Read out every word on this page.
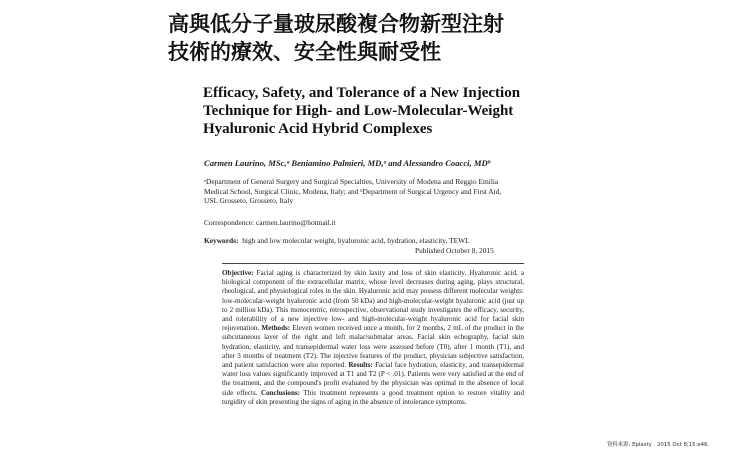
高與低分子量玻尿酸複合物新型注射
技術的療效、安全性與耐受性
Efficacy, Safety, and Tolerance of a New Injection
Technique for High- and Low-Molecular-Weight
Hyaluronic Acid Hybrid Complexes
Carmen Laurino, MSc,ᵃ Beniamino Palmieri, MD,ᵃ and Alessandro Coacci, MDᵇ
ᵃDepartment of General Surgery and Surgical Specialties, University of Modena and Reggio Emilia
Medical School, Surgical Clinic, Modena, Italy; and ᵇDepartment of Surgical Urgency and First Aid,
USL Grosseto, Grosseto, Italy
Correspondence: carmen.laurino@hotmail.it
Keywords: high and low molecular weight, hyaluronic acid, hydration, elasticity, TEWL
Published October 8, 2015
Objective: Facial aging is characterized by skin laxity and loss of skin elasticity. Hyaluronic acid, a biological component of the extracellular matrix, whose level decreases during aging, plays structural, rheological, and physiological roles in the skin. Hyaluronic acid may possess different molecular weights: low-molecular-weight hyaluronic acid (from 50 kDa) and high-molecular-weight hyaluronic acid (just up to 2 million kDa). This monocentric, retrospective, observational study investigates the efficacy, security, and tolerability of a new injective low- and high-molecular-weight hyaluronic acid for facial skin rejuvenation. Methods: Eleven women received once a month, for 2 months, 2 mL of the product in the subcutaneous layer of the right and left malar/submalar areas. Facial skin echography, facial skin hydration, elasticity, and transepidermal water loss were assessed before (T0), after 1 month (T1), and after 3 months of treatment (T2). The injective features of the product, physician subjective satisfaction, and patient satisfaction were also reported. Results: Facial face hydration, elasticity, and transepidermal water loss values significantly improved at T1 and T2 (P < .01). Patients were very satisfied at the end of the treatment, and the compound's profit evaluated by the physician was optimal in the absence of local side effects. Conclusions: This treatment represents a good treatment option to restore vitality and turgidity of skin presenting the signs of aging in the absence of intolerance symptoms.
資料來源: Eplasty . 2015 Oct 8;15:e46.
